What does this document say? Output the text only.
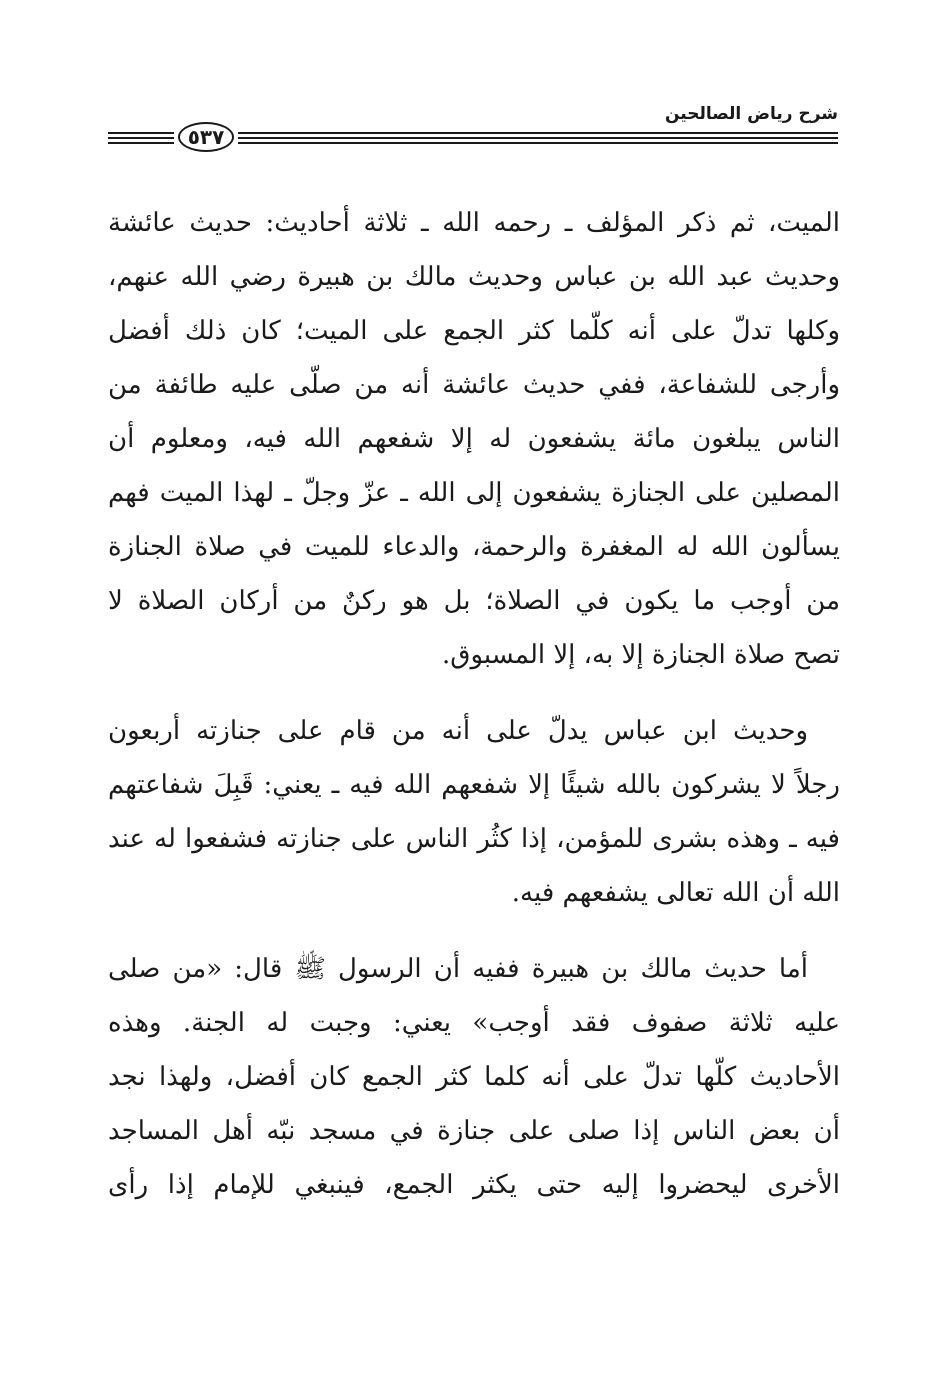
شرح رياض الصالحين
٥٣٧
الميت، ثم ذكر المؤلف ـ رحمه الله ـ ثلاثة أحاديث: حديث عائشة
وحديث عبد الله بن عباس وحديث مالك بن هبيرة رضي الله عنهم،
وكلها تدلّ على أنه كلّما كثر الجمع على الميت؛ كان ذلك أفضل
وأرجى للشفاعة، ففي حديث عائشة أنه من صلّى عليه طائفة من
الناس يبلغون مائة يشفعون له إلا شفعهم الله فيه، ومعلوم أن
المصلين على الجنازة يشفعون إلى الله ـ عزّ وجلّ ـ لهذا الميت فهم
يسألون الله له المغفرة والرحمة، والدعاء للميت في صلاة الجنازة
من أوجب ما يكون في الصلاة؛ بل هو ركنٌ من أركان الصلاة لا
تصح صلاة الجنازة إلا به، إلا المسبوق.
وحديث ابن عباس يدلّ على أنه من قام على جنازته أربعون
رجلاً لا يشركون بالله شيئًا إلا شفعهم الله فيه ـ يعني: قَبِلَ شفاعتهم
فيه ـ وهذه بشرى للمؤمن، إذا كثُر الناس على جنازته فشفعوا له عند
الله أن الله تعالى يشفعهم فيه.
أما حديث مالك بن هبيرة ففيه أن الرسول ﷺ قال: «من صلى
عليه ثلاثة صفوف فقد أوجب» يعني: وجبت له الجنة. وهذه
الأحاديث كلّها تدلّ على أنه كلما كثر الجمع كان أفضل، ولهذا نجد
أن بعض الناس إذا صلى على جنازة في مسجد نبّه أهل المساجد
الأخرى ليحضروا إليه حتى يكثر الجمع، فينبغي للإمام إذا رأى
